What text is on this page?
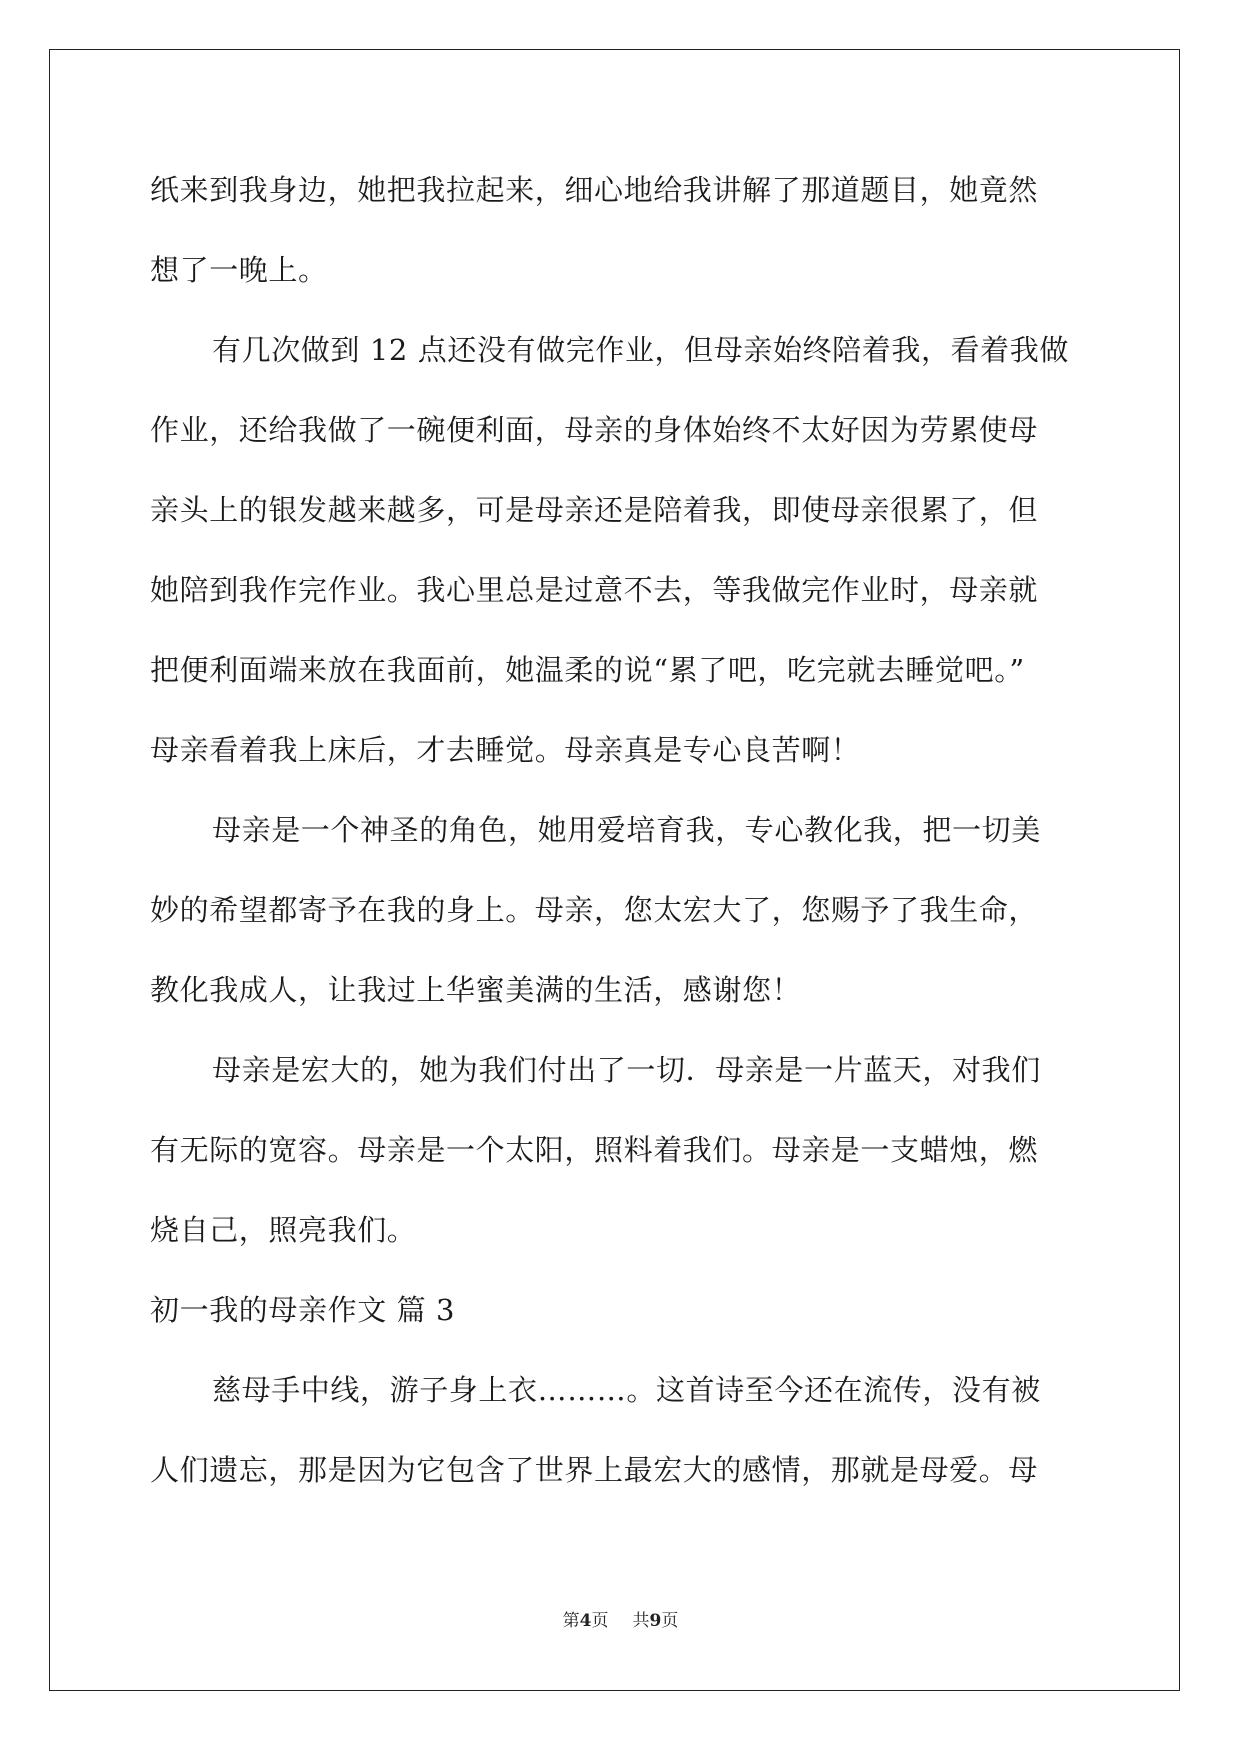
纸来到我身边，她把我拉起来，细心地给我讲解了那道题目，她竟然
想了一晚上。
有几次做到 12 点还没有做完作业，但母亲始终陪着我，看着我做
作业，还给我做了一碗便利面，母亲的身体始终不太好因为劳累使母
亲头上的银发越来越多，可是母亲还是陪着我，即使母亲很累了，但
她陪到我作完作业。我心里总是过意不去，等我做完作业时，母亲就
把便利面端来放在我面前，她温柔的说“累了吧，吃完就去睡觉吧。”
母亲看着我上床后，才去睡觉。母亲真是专心良苦啊！
母亲是一个神圣的角色，她用爱培育我，专心教化我，把一切美
妙的希望都寄予在我的身上。母亲，您太宏大了，您赐予了我生命，
教化我成人，让我过上华蜜美满的生活，感谢您！
母亲是宏大的，她为我们付出了一切．母亲是一片蓝天，对我们
有无际的宽容。母亲是一个太阳，照料着我们。母亲是一支蜡烛，燃
烧自己，照亮我们。
初一我的母亲作文 篇 3
慈母手中线，游子身上衣………。这首诗至今还在流传，没有被
人们遗忘，那是因为它包含了世界上最宏大的感情，那就是母爱。母
第4页 共9页
